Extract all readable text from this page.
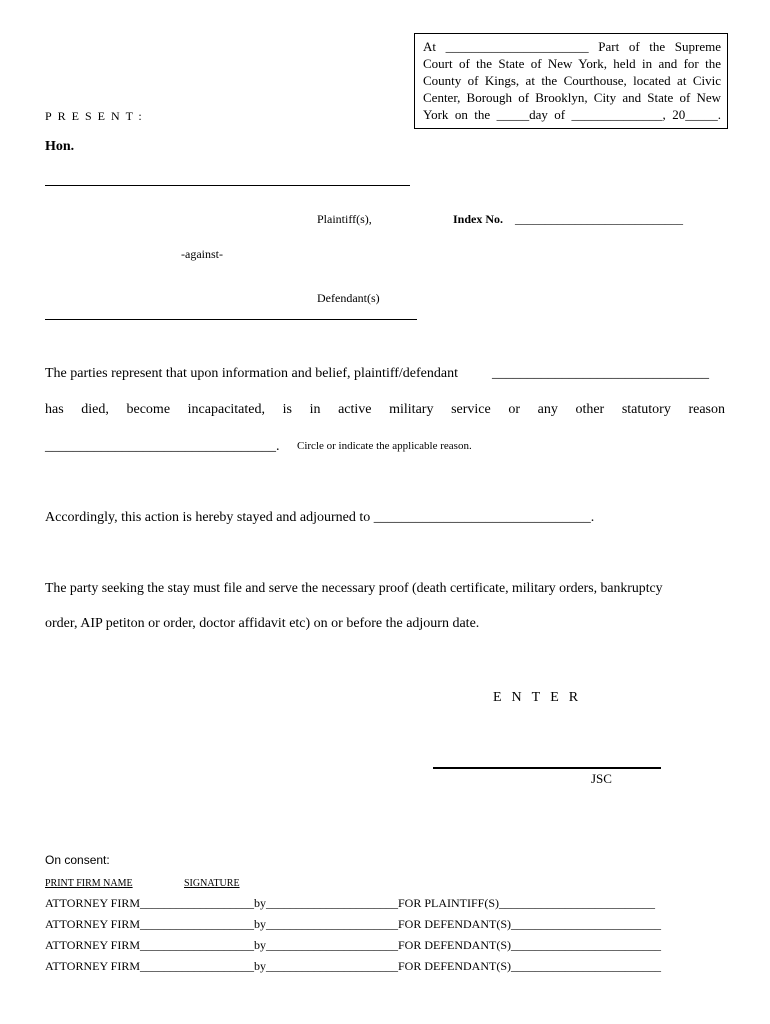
At ______________________ Part of the Supreme
Court of the State of New York, held in and for the
County of Kings, at the Courthouse, located at Civic
Center, Borough of Brooklyn, City and State of New
York on the _____day of ______________, 20_____.
PRESENT:
Hon.
Plaintiff(s),	Index No. ____________________________
-against-
Defendant(s)
The parties represent that upon information and belief, plaintiff/defendant _______________________________
has died, become incapacitated, is in active military service or any other statutory reason
_________________________________. Circle or indicate the applicable reason.
Accordingly, this action is hereby stayed and adjourned to _______________________________.
The party seeking the stay must file and serve the necessary proof (death certificate, military orders, bankruptcy
order, AIP petiton or order, doctor affidavit etc) on or before the adjourn date.
ENTER
JSC
On consent:
PRINT FIRM NAME	SIGNATURE
ATTORNEY FIRM___________________by______________________FOR PLAINTIFF(S)__________________________
ATTORNEY FIRM___________________by______________________FOR DEFENDANT(S)_________________________
ATTORNEY FIRM___________________by______________________FOR DEFENDANT(S)_________________________
ATTORNEY FIRM___________________by______________________FOR DEFENDANT(S)_________________________
